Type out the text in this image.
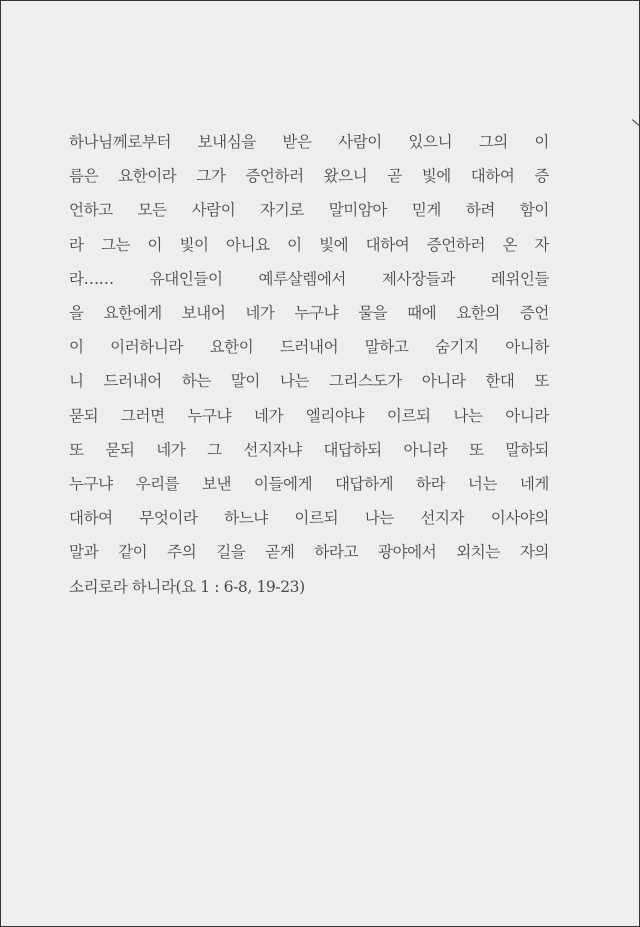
하나님께로부터 보내심을 받은 사람이 있으니 그의 이
름은 요한이라 그가 증언하러 왔으니 곧 빛에 대하여 증
언하고 모든 사람이 자기로 말미암아 믿게 하려 함이
라 그는 이 빛이 아니요 이 빛에 대하여 증언하러 온 자
라…… 유대인들이 예루살렘에서 제사장들과 레위인들
을 요한에게 보내어 네가 누구냐 물을 때에 요한의 증언
이 이러하니라 요한이 드러내어 말하고 숨기지 아니하
니 드러내어 하는 말이 나는 그리스도가 아니라 한대 또
묻되 그러면 누구냐 네가 엘리야냐 이르되 나는 아니라
또 묻되 네가 그 선지자냐 대답하되 아니라 또 말하되
누구냐 우리를 보낸 이들에게 대답하게 하라 너는 네게
대하여 무엇이라 하느냐 이르되 나는 선지자 이사야의
말과 같이 주의 길을 곧게 하라고 광야에서 외치는 자의
소리로라 하니라(요 1 : 6-8, 19-23)
